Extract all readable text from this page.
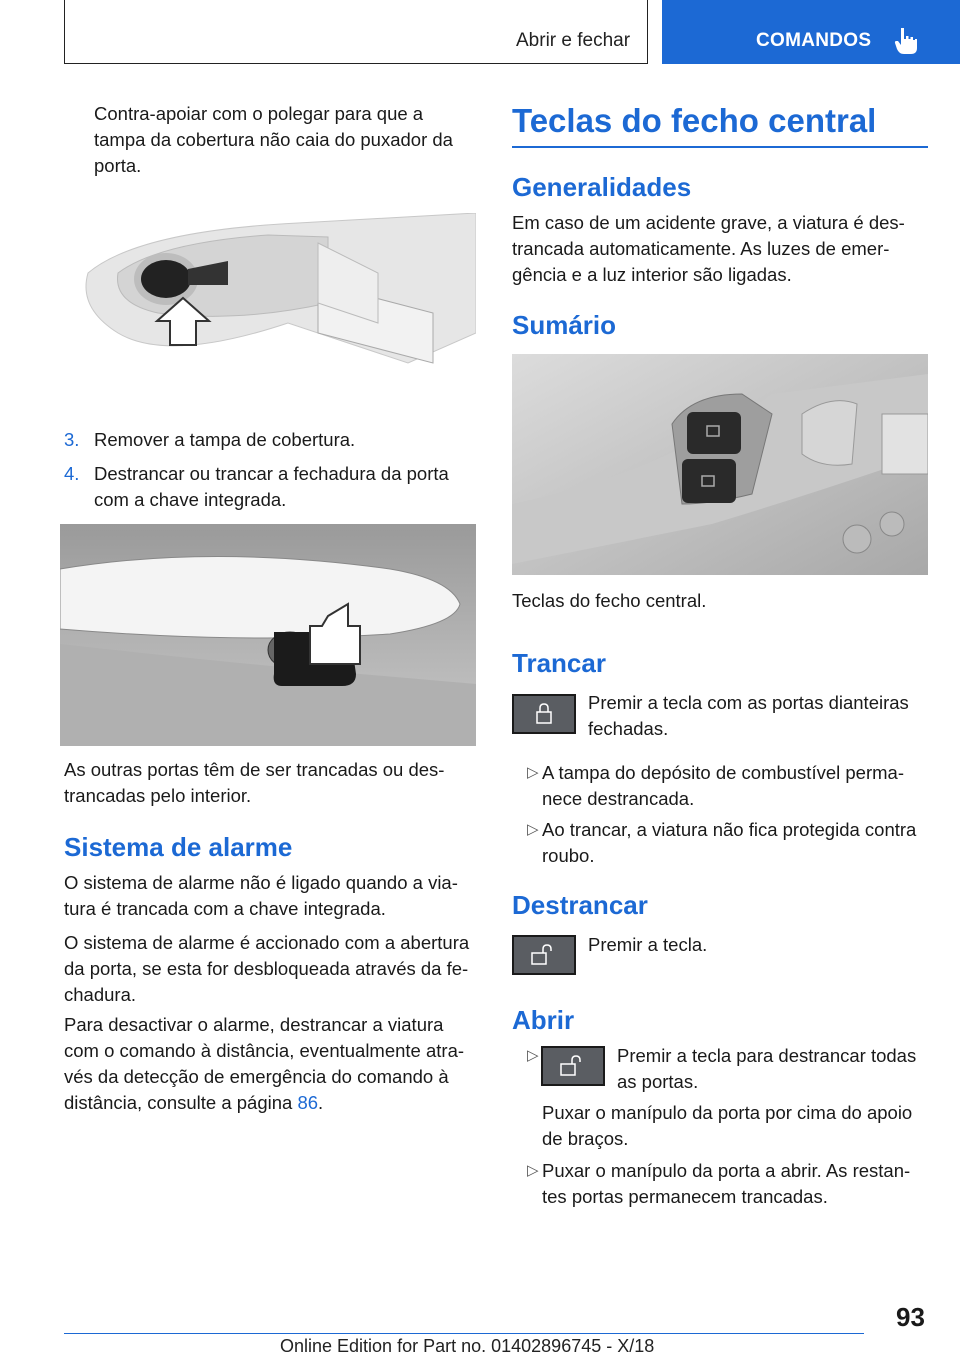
Abrir e fechar	COMANDOS

Contra-apoiar com o polegar para que a tampa da cobertura não caia do puxador da porta.

3. Remover a tampa de cobertura.

4. Destrancar ou trancar a fechadura da porta com a chave integrada.

As outras portas têm de ser trancadas ou des‐trancadas pelo interior.

Sistema de alarme

O sistema de alarme não é ligado quando a via‐tura é trancada com a chave integrada.

O sistema de alarme é accionado com a abertura da porta, se esta for desbloqueada através da fe‐chadura.

Para desactivar o alarme, destrancar a viatura com o comando à distância, eventualmente atra‐vés da detecção de emergência do comando à distância, consulte a página 86.

Teclas do fecho central
Generalidades

Em caso de um acidente grave, a viatura é des‐trancada automaticamente. As luzes de emer‐gência e a luz interior são ligadas.

Sumário

Teclas do fecho central.

Trancar

Premir a tecla com as portas dianteiras fechadas.

▷ A tampa do depósito de combustível perma‐nece destrancada.

▷ Ao trancar, a viatura não fica protegida contra roubo.

Destrancar

Premir a tecla.

Abrir
▷	Premir a tecla para destrancar todas as portas.

Puxar o manípulo da porta por cima do apoio de braços.

▷ Puxar o manípulo da porta a abrir. As restan‐tes portas permanecem trancadas.

93
Online Edition for Part no. 01402896745 - X/18
